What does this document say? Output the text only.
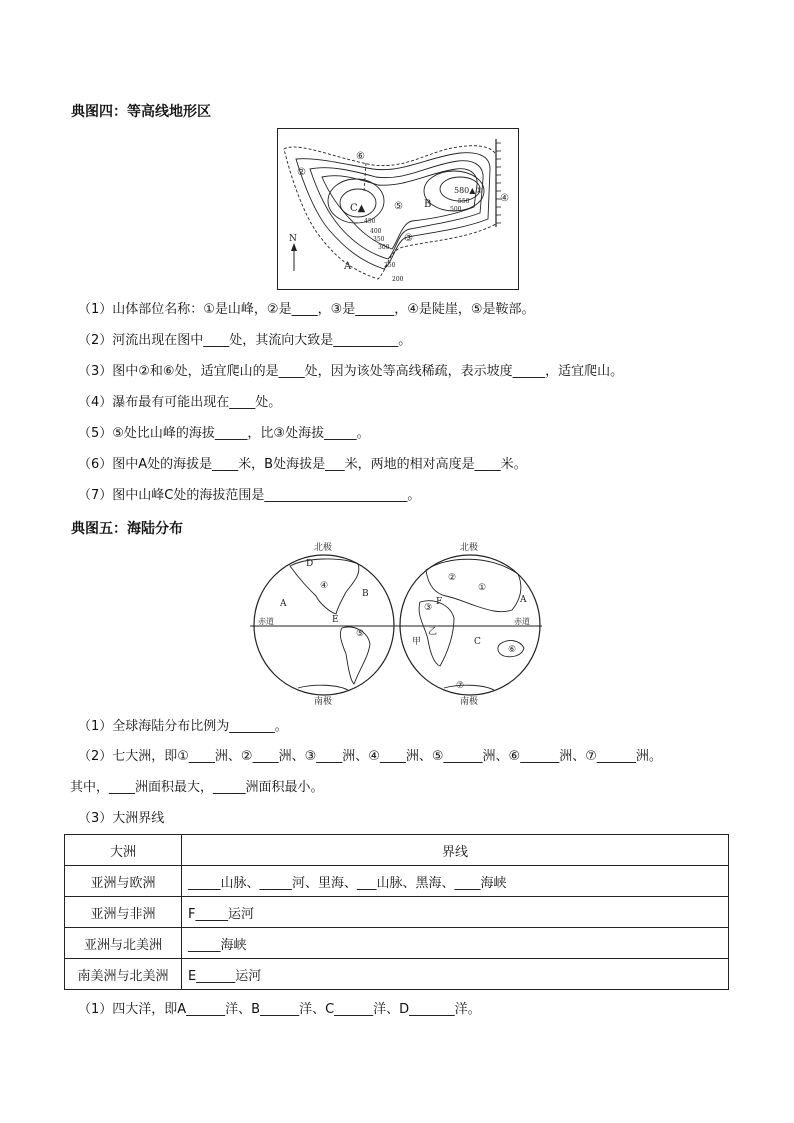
典图四：等高线地形区
⑥
②
C▲	⑤ B
580▲①
④
③
A
N
450
400
350
300
250
200
550
500
（1）山体部位名称：①是山峰，②是____，③是______，④是陡崖，⑤是鞍部。
（2）河流出现在图中____处，其流向大致是__________。
（3）图中②和⑥处，适宜爬山的是____处，因为该处等高线稀疏，表示坡度_____，适宜爬山。
（4）瀑布最有可能出现在____处。
（5）⑤处比山峰的海拔_____，比③处海拔_____。
（6）图中A处的海拔是____米，B处海拔是___米，两地的相对高度是____米。
（7）图中山峰C处的海拔范围是______________________。
典图五：海陆分布
北极	北极
南极	南极
赤道	赤道
D
④
A
B
E
⑤
②
①
F
③
A
乙
甲	C
⑥
⑦
（1）全球海陆分布比例为_______。
（2）七大洲，即①____洲、②____洲、③____洲、④____洲、⑤______洲、⑥______洲、⑦______洲。
其中，____洲面积最大，_____洲面积最小。
（3）大洲界线
大洲	界线
亚洲与欧洲	_____山脉、_____河、里海、___山脉、黑海、____海峡
亚洲与非洲	F_____运河
亚洲与北美洲	_____海峡
南美洲与北美洲	E______运河
（1）四大洋，即A______洋、B______洋、C______洋、D_______洋。
